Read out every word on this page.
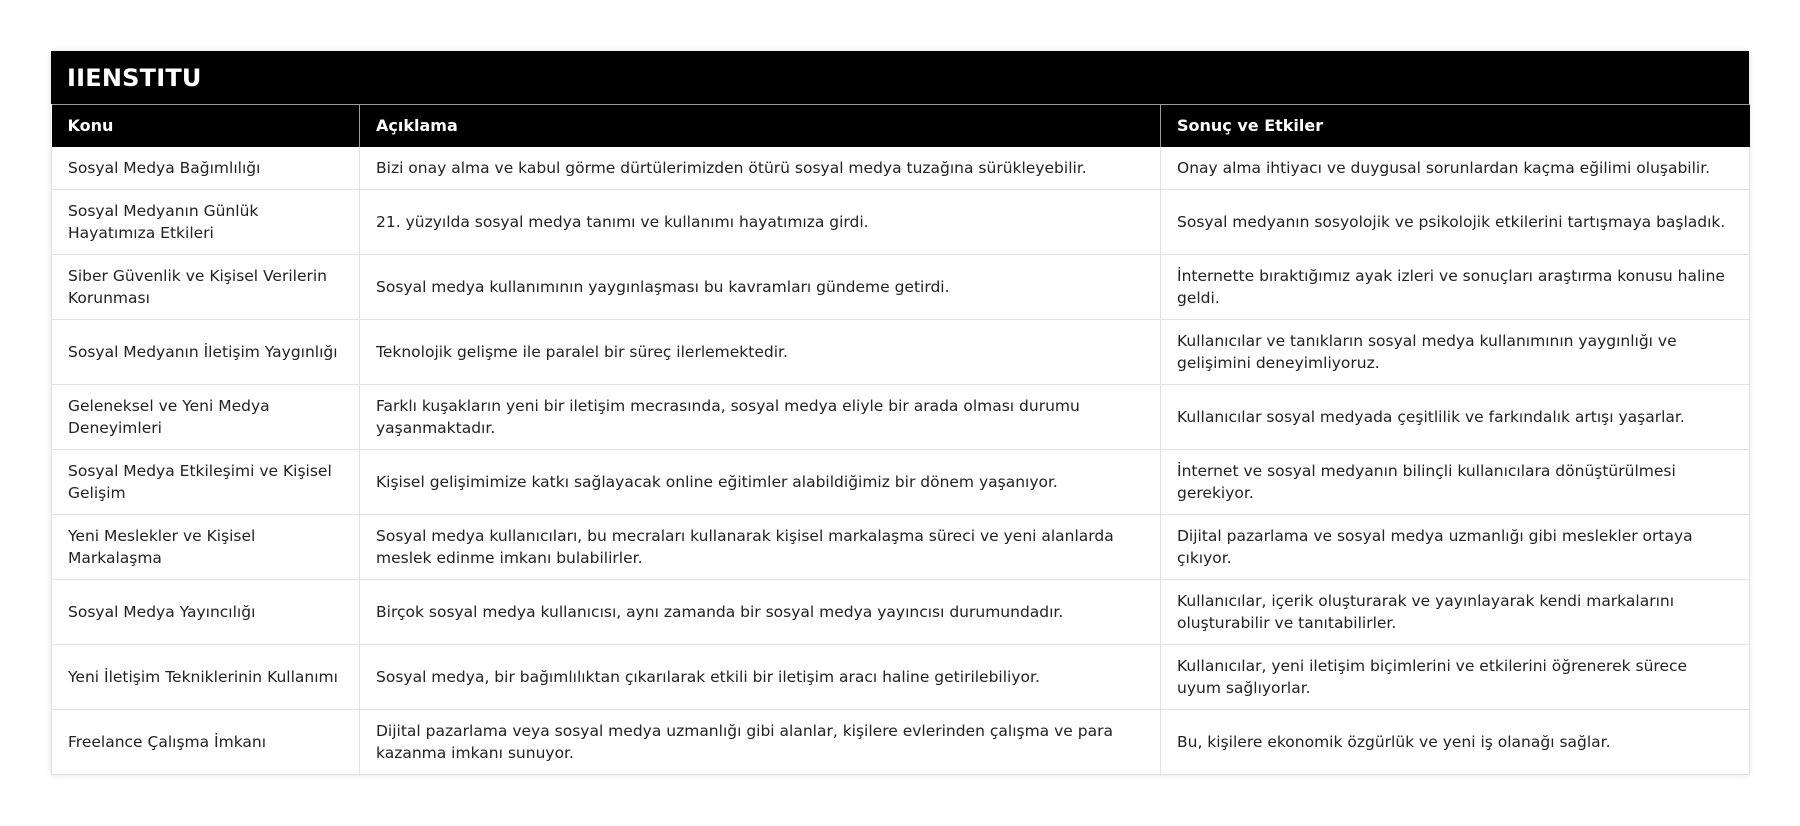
IIENSTITU
Konu	Açıklama	Sonuç ve Etkiler
Sosyal Medya Bağımlılığı	Bizi onay alma ve kabul görme dürtülerimizden ötürü sosyal medya tuzağına sürükleyebilir.	Onay alma ihtiyacı ve duygusal sorunlardan kaçma eğilimi oluşabilir.
Sosyal Medyanın Günlük Hayatımıza Etkileri	21. yüzyılda sosyal medya tanımı ve kullanımı hayatımıza girdi.	Sosyal medyanın sosyolojik ve psikolojik etkilerini tartışmaya başladık.
Siber Güvenlik ve Kişisel Verilerin Korunması	Sosyal medya kullanımının yaygınlaşması bu kavramları gündeme getirdi.	İnternette bıraktığımız ayak izleri ve sonuçları araştırma konusu haline geldi.
Sosyal Medyanın İletişim Yaygınlığı	Teknolojik gelişme ile paralel bir süreç ilerlemektedir.	Kullanıcılar ve tanıkların sosyal medya kullanımının yaygınlığı ve gelişimini deneyimliyoruz.
Geleneksel ve Yeni Medya Deneyimleri	Farklı kuşakların yeni bir iletişim mecrasında, sosyal medya eliyle bir arada olması durumu yaşanmaktadır.	Kullanıcılar sosyal medyada çeşitlilik ve farkındalık artışı yaşarlar.
Sosyal Medya Etkileşimi ve Kişisel Gelişim	Kişisel gelişimimize katkı sağlayacak online eğitimler alabildiğimiz bir dönem yaşanıyor.	İnternet ve sosyal medyanın bilinçli kullanıcılara dönüştürülmesi gerekiyor.
Yeni Meslekler ve Kişisel Markalaşma	Sosyal medya kullanıcıları, bu mecraları kullanarak kişisel markalaşma süreci ve yeni alanlarda meslek edinme imkanı bulabilirler.	Dijital pazarlama ve sosyal medya uzmanlığı gibi meslekler ortaya çıkıyor.
Sosyal Medya Yayıncılığı	Birçok sosyal medya kullanıcısı, aynı zamanda bir sosyal medya yayıncısı durumundadır.	Kullanıcılar, içerik oluşturarak ve yayınlayarak kendi markalarını oluşturabilir ve tanıtabilirler.
Yeni İletişim Tekniklerinin Kullanımı	Sosyal medya, bir bağımlılıktan çıkarılarak etkili bir iletişim aracı haline getirilebiliyor.	Kullanıcılar, yeni iletişim biçimlerini ve etkilerini öğrenerek sürece uyum sağlıyorlar.
Freelance Çalışma İmkanı	Dijital pazarlama veya sosyal medya uzmanlığı gibi alanlar, kişilere evlerinden çalışma ve para kazanma imkanı sunuyor.	Bu, kişilere ekonomik özgürlük ve yeni iş olanağı sağlar.
